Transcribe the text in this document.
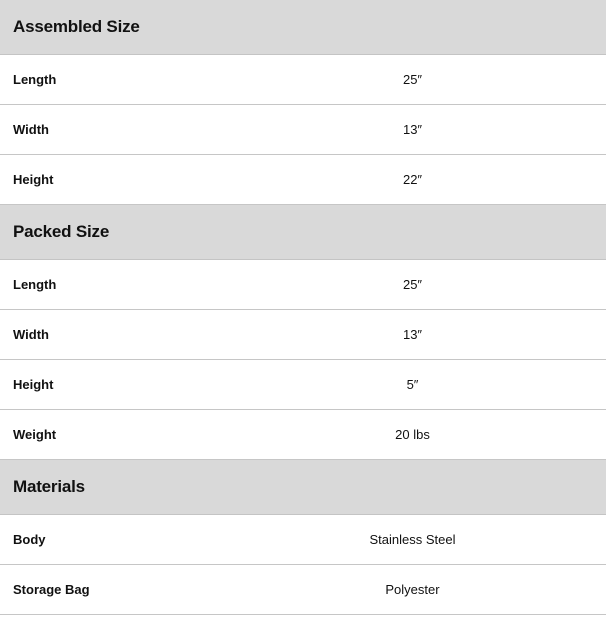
Assembled Size	
Length	25″
Width	13″
Height	22″
Packed Size	
Length	25″
Width	13″
Height	5″
Weight	20 lbs
Materials	
Body	Stainless Steel
Storage Bag	Polyester
